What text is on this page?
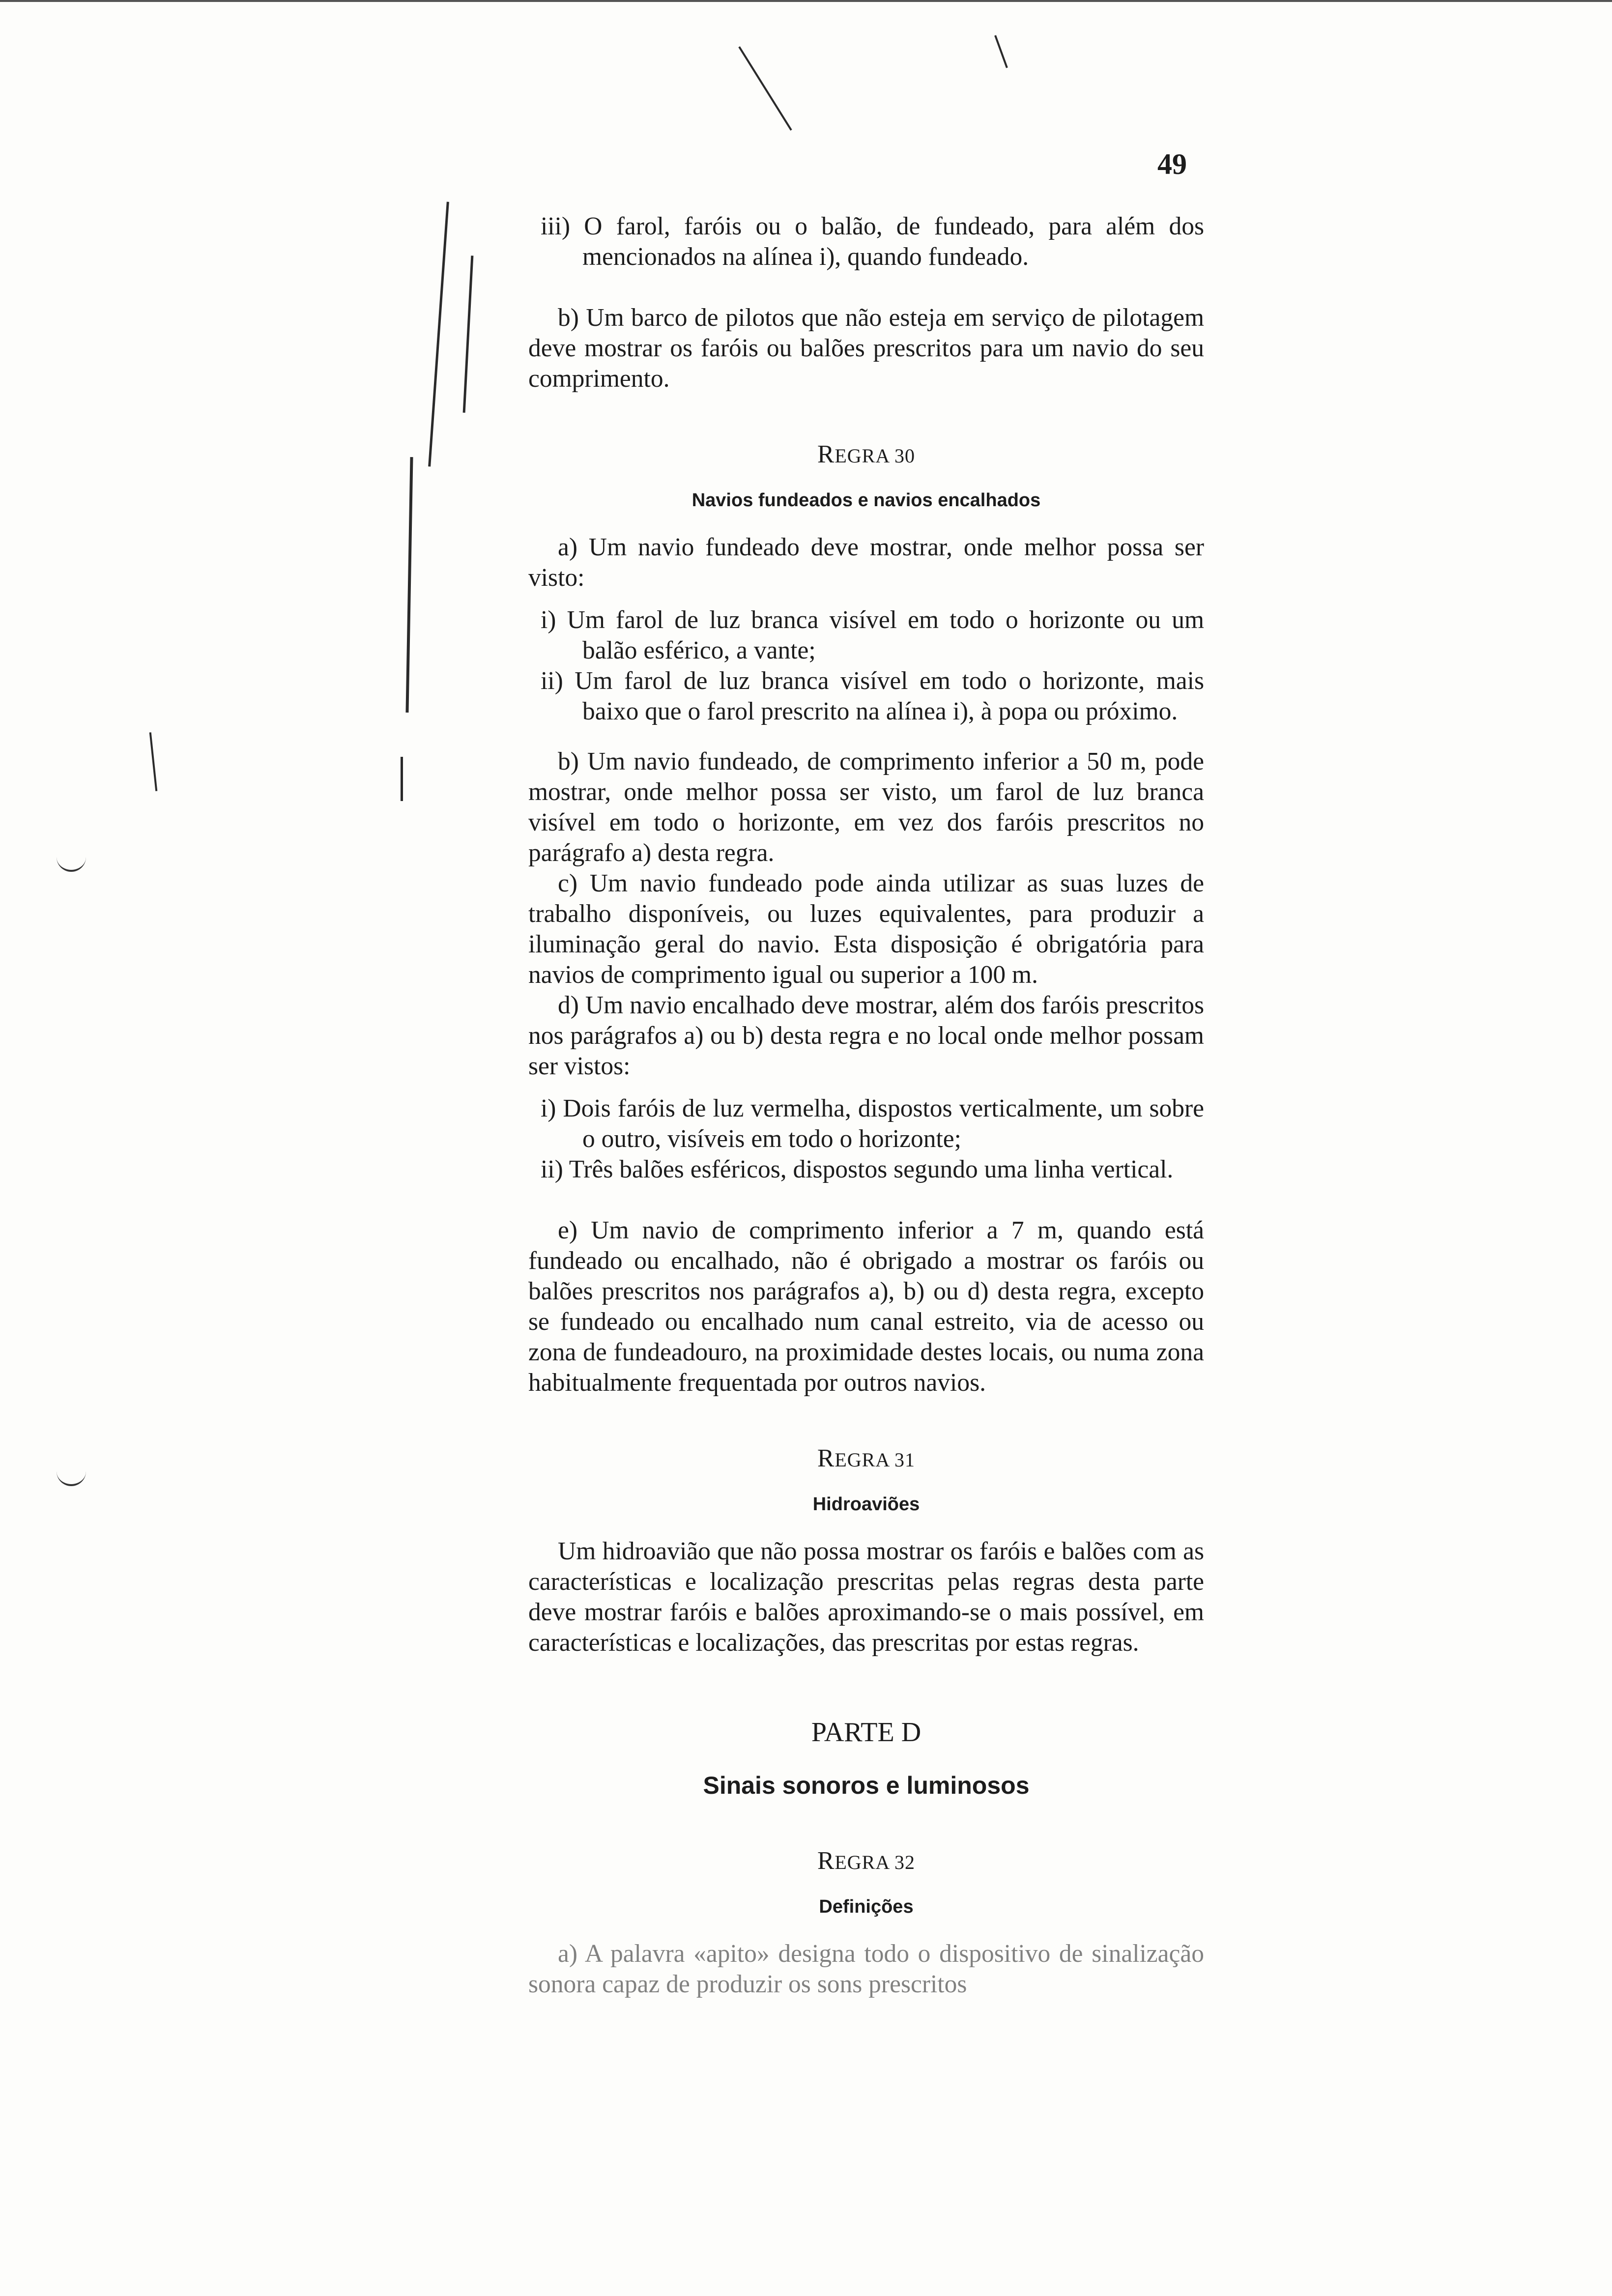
49

iii) O farol, faróis ou o balão, de fundeado, para além dos mencionados na alínea i), quando fundeado.

b) Um barco de pilotos que não esteja em serviço de pilotagem deve mostrar os faróis ou balões prescritos para um navio do seu comprimento.

REGRA 30

Navios fundeados e navios encalhados

a) Um navio fundeado deve mostrar, onde melhor possa ser visto:

i) Um farol de luz branca visível em todo o horizonte ou um balão esférico, a vante;

ii) Um farol de luz branca visível em todo o horizonte, mais baixo que o farol prescrito na alínea i), à popa ou próximo.

b) Um navio fundeado, de comprimento inferior a 50 m, pode mostrar, onde melhor possa ser visto, um farol de luz branca visível em todo o horizonte, em vez dos faróis prescritos no parágrafo a) desta regra.

c) Um navio fundeado pode ainda utilizar as suas luzes de trabalho disponíveis, ou luzes equivalentes, para produzir a iluminação geral do navio. Esta disposição é obrigatória para navios de comprimento igual ou superior a 100 m.

d) Um navio encalhado deve mostrar, além dos faróis prescritos nos parágrafos a) ou b) desta regra e no local onde melhor possam ser vistos:

i) Dois faróis de luz vermelha, dispostos verticalmente, um sobre o outro, visíveis em todo o horizonte;

ii) Três balões esféricos, dispostos segundo uma linha vertical.

e) Um navio de comprimento inferior a 7 m, quando está fundeado ou encalhado, não é obrigado a mostrar os faróis ou balões prescritos nos parágrafos a), b) ou d) desta regra, excepto se fundeado ou encalhado num canal estreito, via de acesso ou zona de fundeadouro, na proximidade destes locais, ou numa zona habitualmente frequentada por outros navios.

REGRA 31

Hidroaviões

Um hidroavião que não possa mostrar os faróis e balões com as características e localização prescritas pelas regras desta parte deve mostrar faróis e balões aproximando-se o mais possível, em características e localizações, das prescritas por estas regras.

PARTE D

Sinais sonoros e luminosos

REGRA 32

Definições

a) A palavra «apito» designa todo o dispositivo de sinalização sonora capaz de produzir os sons prescritos
